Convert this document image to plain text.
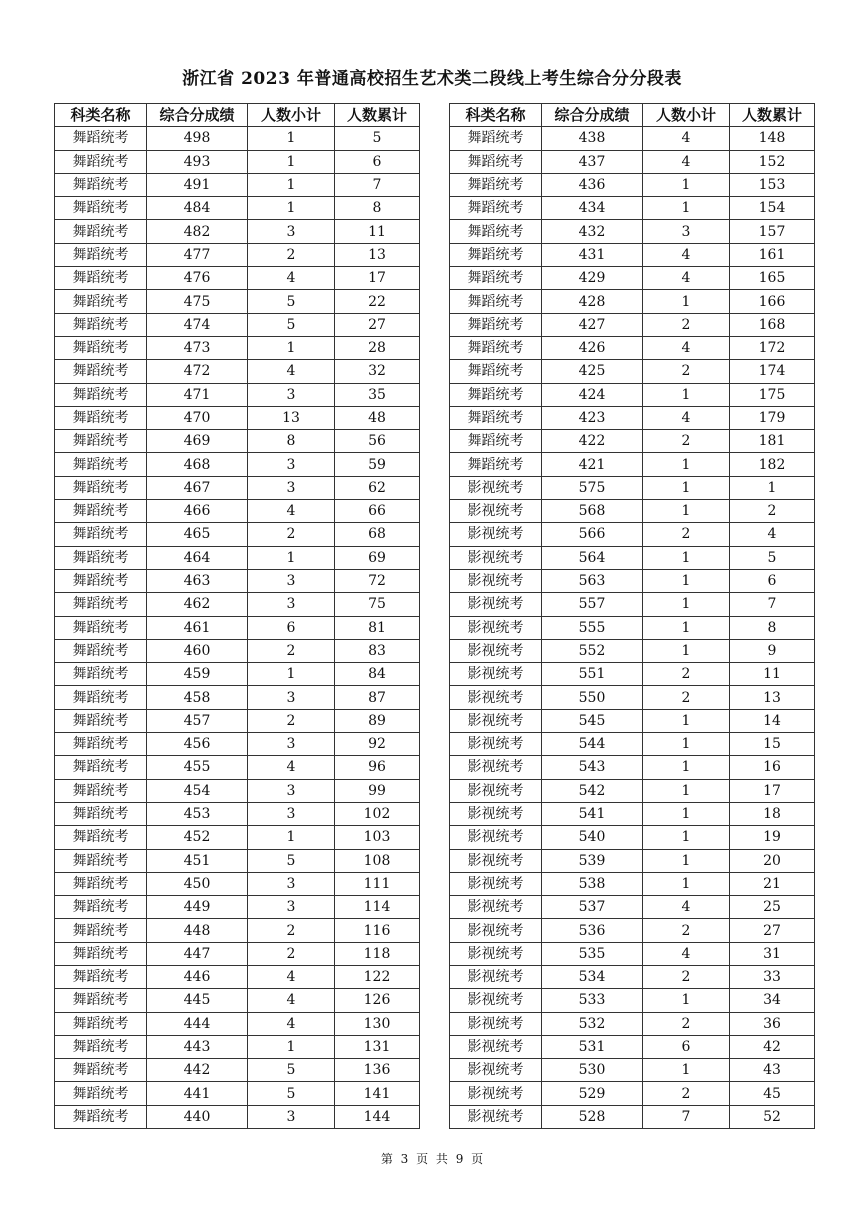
浙江省 2023 年普通高校招生艺术类二段线上考生综合分分段表
科类名称	综合分成绩	人数小计	人数累计
舞蹈统考	498	1	5
舞蹈统考	493	1	6
舞蹈统考	491	1	7
舞蹈统考	484	1	8
舞蹈统考	482	3	11
舞蹈统考	477	2	13
舞蹈统考	476	4	17
舞蹈统考	475	5	22
舞蹈统考	474	5	27
舞蹈统考	473	1	28
舞蹈统考	472	4	32
舞蹈统考	471	3	35
舞蹈统考	470	13	48
舞蹈统考	469	8	56
舞蹈统考	468	3	59
舞蹈统考	467	3	62
舞蹈统考	466	4	66
舞蹈统考	465	2	68
舞蹈统考	464	1	69
舞蹈统考	463	3	72
舞蹈统考	462	3	75
舞蹈统考	461	6	81
舞蹈统考	460	2	83
舞蹈统考	459	1	84
舞蹈统考	458	3	87
舞蹈统考	457	2	89
舞蹈统考	456	3	92
舞蹈统考	455	4	96
舞蹈统考	454	3	99
舞蹈统考	453	3	102
舞蹈统考	452	1	103
舞蹈统考	451	5	108
舞蹈统考	450	3	111
舞蹈统考	449	3	114
舞蹈统考	448	2	116
舞蹈统考	447	2	118
舞蹈统考	446	4	122
舞蹈统考	445	4	126
舞蹈统考	444	4	130
舞蹈统考	443	1	131
舞蹈统考	442	5	136
舞蹈统考	441	5	141
舞蹈统考	440	3	144
科类名称	综合分成绩	人数小计	人数累计
舞蹈统考	438	4	148
舞蹈统考	437	4	152
舞蹈统考	436	1	153
舞蹈统考	434	1	154
舞蹈统考	432	3	157
舞蹈统考	431	4	161
舞蹈统考	429	4	165
舞蹈统考	428	1	166
舞蹈统考	427	2	168
舞蹈统考	426	4	172
舞蹈统考	425	2	174
舞蹈统考	424	1	175
舞蹈统考	423	4	179
舞蹈统考	422	2	181
舞蹈统考	421	1	182
影视统考	575	1	1
影视统考	568	1	2
影视统考	566	2	4
影视统考	564	1	5
影视统考	563	1	6
影视统考	557	1	7
影视统考	555	1	8
影视统考	552	1	9
影视统考	551	2	11
影视统考	550	2	13
影视统考	545	1	14
影视统考	544	1	15
影视统考	543	1	16
影视统考	542	1	17
影视统考	541	1	18
影视统考	540	1	19
影视统考	539	1	20
影视统考	538	1	21
影视统考	537	4	25
影视统考	536	2	27
影视统考	535	4	31
影视统考	534	2	33
影视统考	533	1	34
影视统考	532	2	36
影视统考	531	6	42
影视统考	530	1	43
影视统考	529	2	45
影视统考	528	7	52
第 3 页 共 9 页
